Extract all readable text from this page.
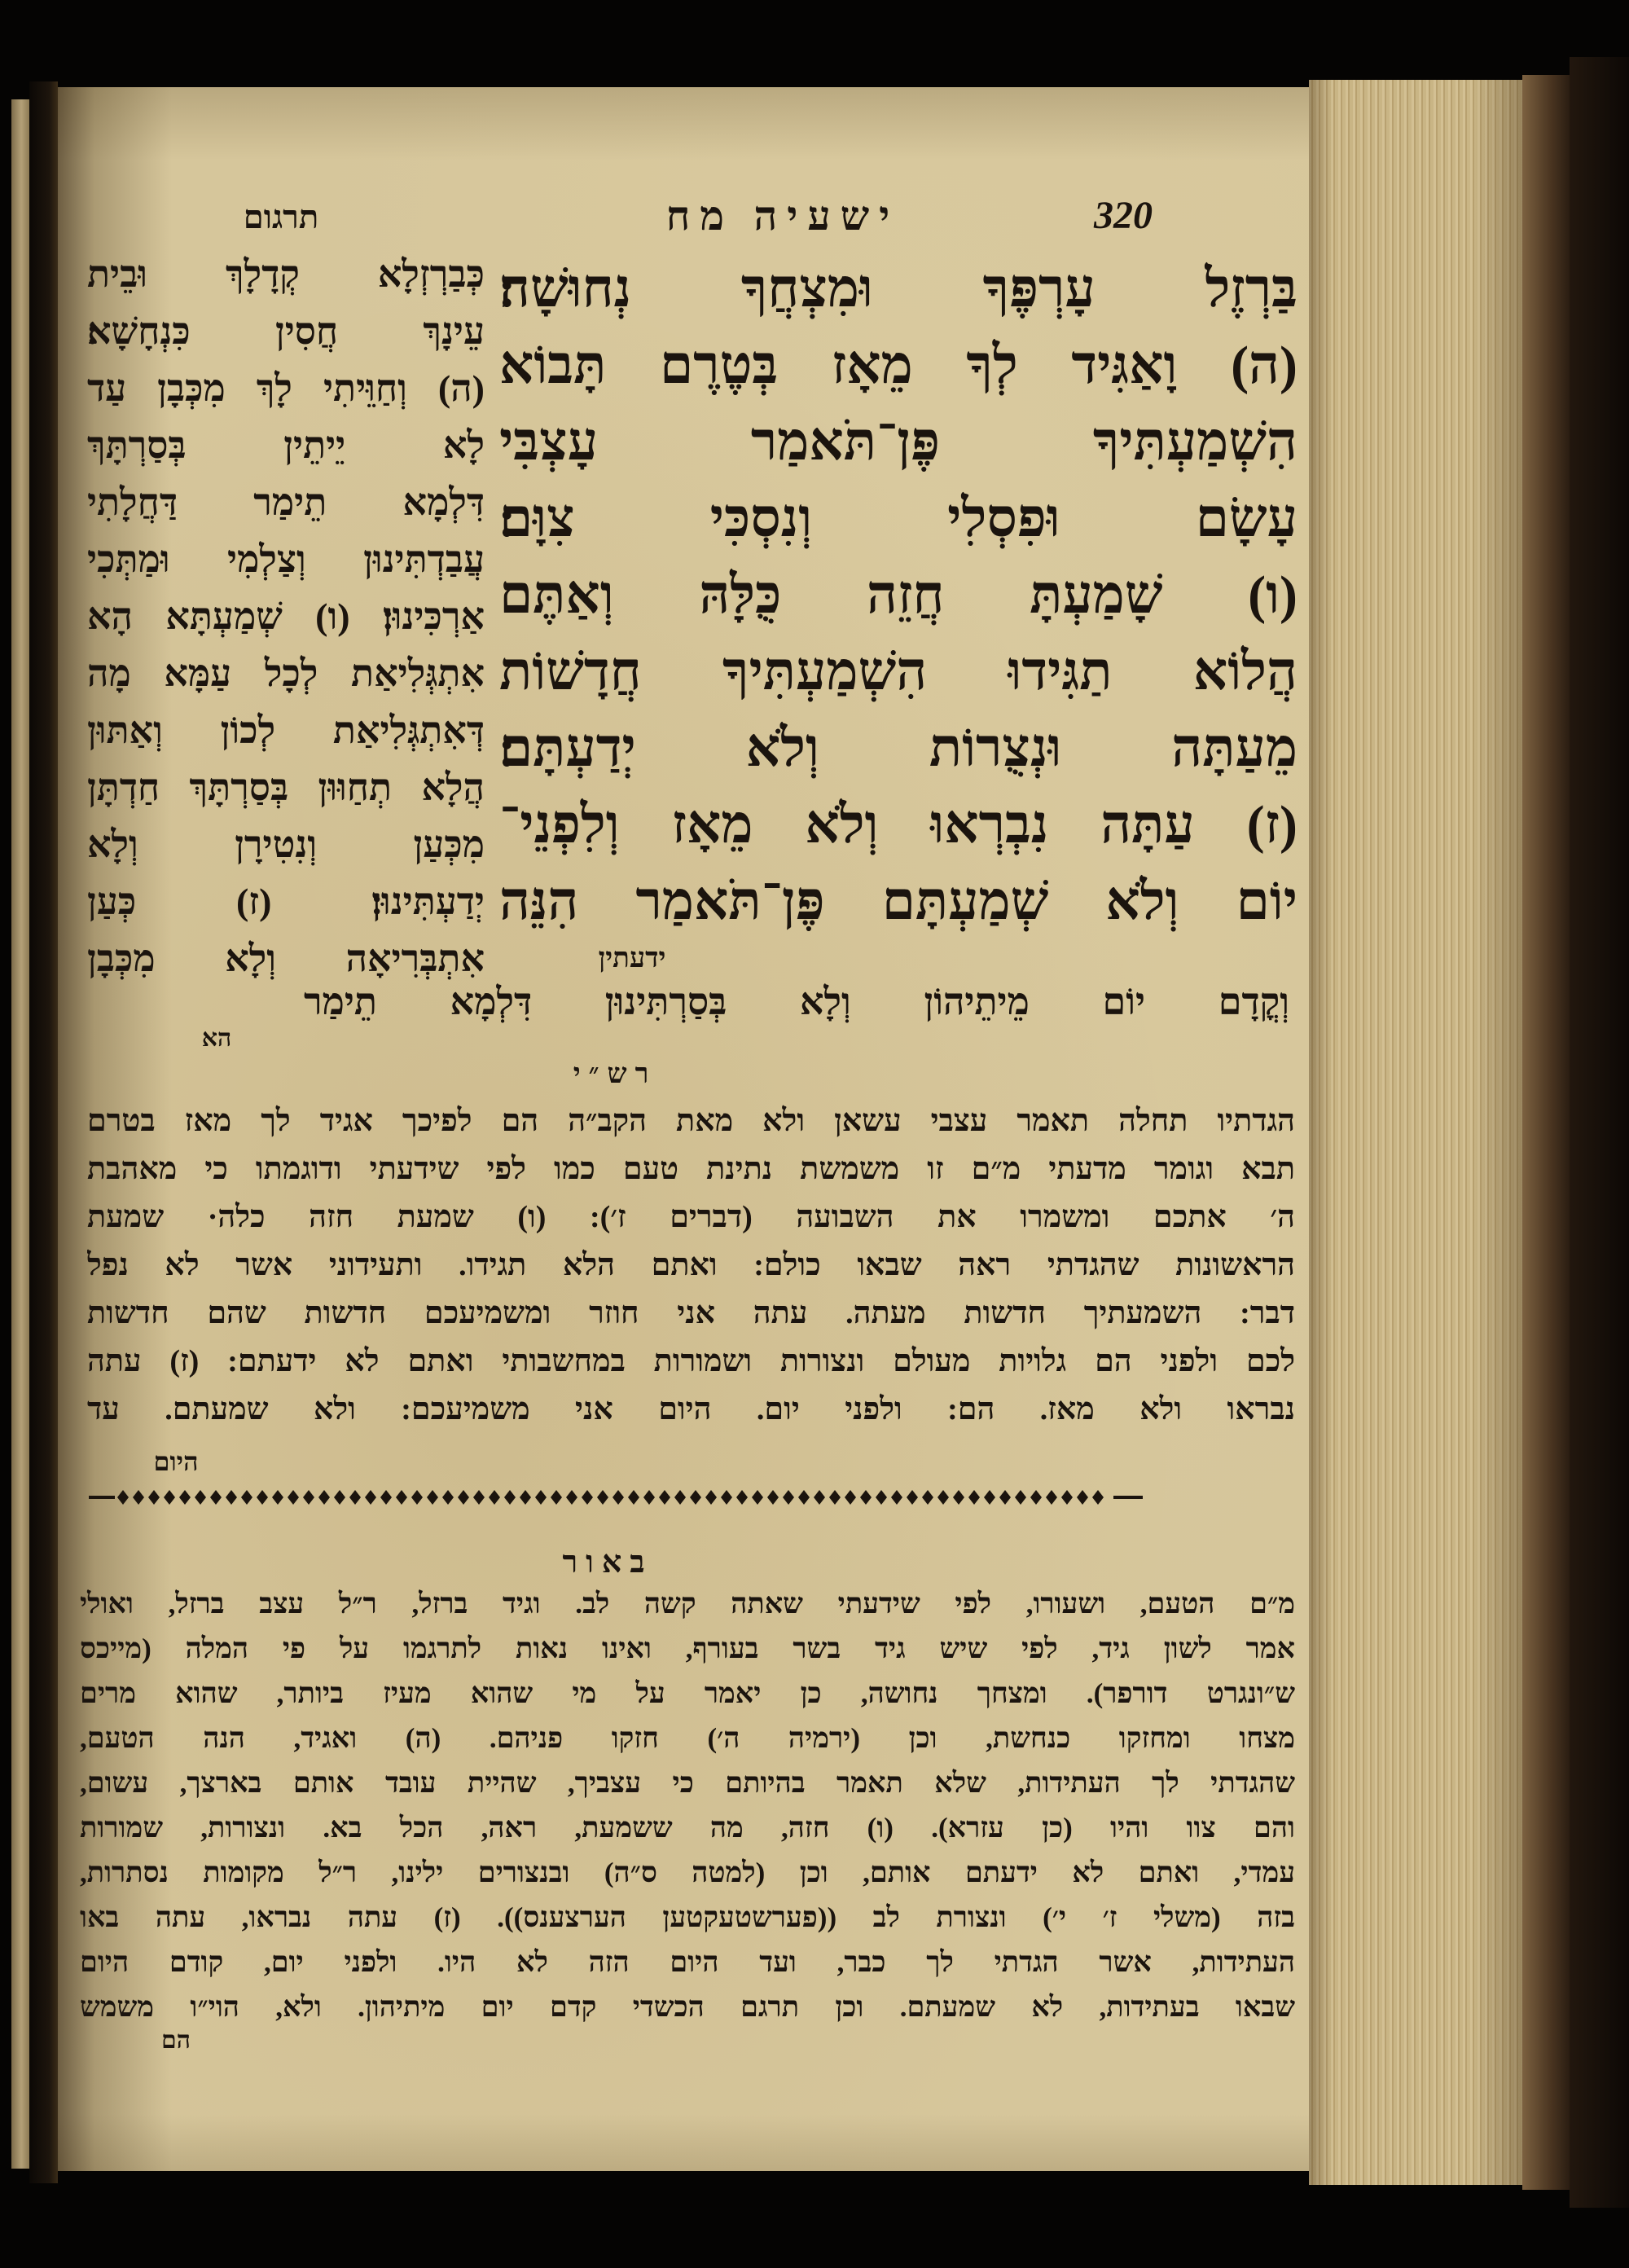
תרגום	ישעיה מח	320
בַּרְזֶל עָרְפֶּךָ וּמִצְחֲךָ נְחוּשָׁה׃
(ה) וָאַגִּיד לְךָ מֵאָז בְּטֶרֶם תָּבוֹא
הִשְׁמַעְתִּיךָ פֶּן־תֹּאמַר עָצְבִּי
עָשָׂם וּפִסְלִי וְנִסְכִּי צִוָּם׃
(ו) שָׁמַעְתָּ חֲזֵה כֻּלָּהּ וְאַתֶּם
הֲלוֹא תַגִּידוּ הִשְׁמַעְתִּיךָ חֲדָשׁוֹת
מֵעַתָּה וּנְצֻרוֹת וְלֹא יְדַעְתָּם׃
(ז) עַתָּה נִבְרְאוּ וְלֹא מֵאָז וְלִפְנֵי־
יוֹם וְלֹא שְׁמַעְתָּם פֶּן־תֹּאמַר הִנֵּה
ידעתין
כְּבַרְזְלָא קְדָלָךְ וּבֵית
עֵינָךְ חֲסִין כִּנְחָשָׁא׃
(ה) וְחַוֵּיתִי לָךְ מִכְּבָן עַד
לָא יֵיתֵין בְּסַרְתָּךְ
דִּלְמָא תֵימַר דַּחֲלָתִי
עֲבַדְתִּינוּן וְצַלְמִי וּמַתְּכִי
אַרְכִּינוּן׃ (ו) שְׁמַעְתָּא הָא
אִתְגְּלִיאַת לְכָל עַמָּא מָה
דְּאִתְגְּלִיאַת לְכוֹן וְאַתּוּן
הֲלָא תְחַוּוּן בְּסַרְתָּךְ חַדְתָּן
מִכְּעַן וְנִטִירָן וְלָא
יְדַעְתִּינוּן׃ (ז) כְּעַן
אִתְבְּרִיאָה וְלָא מִכְּבָן
וְקֳדָם יוֹם מֵיתֵיהוֹן וְלָא בְּסַרְתִּינוּן דִּלְמָא תֵימַר
הא
רש״י
הגדתיו תחלה תאמר עצבי עשאן ולא מאת הקב״ה הם לפיכך אגיד לך מאז בטרם
תבא וגומר מדעתי מ״ם זו משמשת נתינת טעם כמו לפי שידעתי ודוגמתו כי מאהבת
ה׳ אתכם ומשמרו את השבועה (דברים ז׳): (ו) שמעת חזה כלה· שמעת
הראשונות שהגדתי ראה שבאו כולם: ואתם הלא תגידו. ותעידוני אשר לא נפל
דבר: השמעתיך חדשות מעתה. עתה אני חוזר ומשמיעכם חדשות שהם חדשות
לכם ולפני הם גלויות מעולם ונצורות ושמורות במחשבותי ואתם לא ידעתם: (ז) עתה
נבראו ולא מאז. הם: ולפני יום. היום אני משמיעכם: ולא שמעתם. עד
היום
באור
מ״ם הטעם, ושעורו, לפי שידעתי שאתה קשה לב. וגיד ברזל, ר״ל עצב ברזל, ואולי
אמר לשון גיד, לפי שיש גיד בשר בעורף, ואינו נאות לתרגמו על פי המלה (מייכס
ש״ונגרט דורפר). ומצחך נחושה, כן יאמר על מי שהוא מעיז ביותר, שהוא מרים
מצחו ומחזקו כנחשת, וכן (ירמיה ה׳) חזקו פניהם. (ה) ואגיד, הנה הטעם,
שהגדתי לך העתידות, שלא תאמר בהיותם כי עצביך, שהיית עובד אותם בארצך, עשום,
והם צוו והיו (כן עזרא). (ו) חזה, מה ששמעת, ראה, הכל בא. ונצורות, שמורות
עמדי, ואתם לא ידעתם אותם, וכן (למטה ס״ה) ובנצורים ילינו, ר״ל מקומות נסתרות,
בזה (משלי ז׳ י׳) ונצורת לב ((פערשטעקטען הערצענס)). (ז) עתה נבראו, עתה באו
העתידות, אשר הגדתי לך כבר, ועד היום הזה לא היו. ולפני יום, קודם היום
שבאו בעתידות, לא שמעתם. וכן תרגם הכשדי קדם יום מיתיהון. ולא, הוי״ו משמש
הם
